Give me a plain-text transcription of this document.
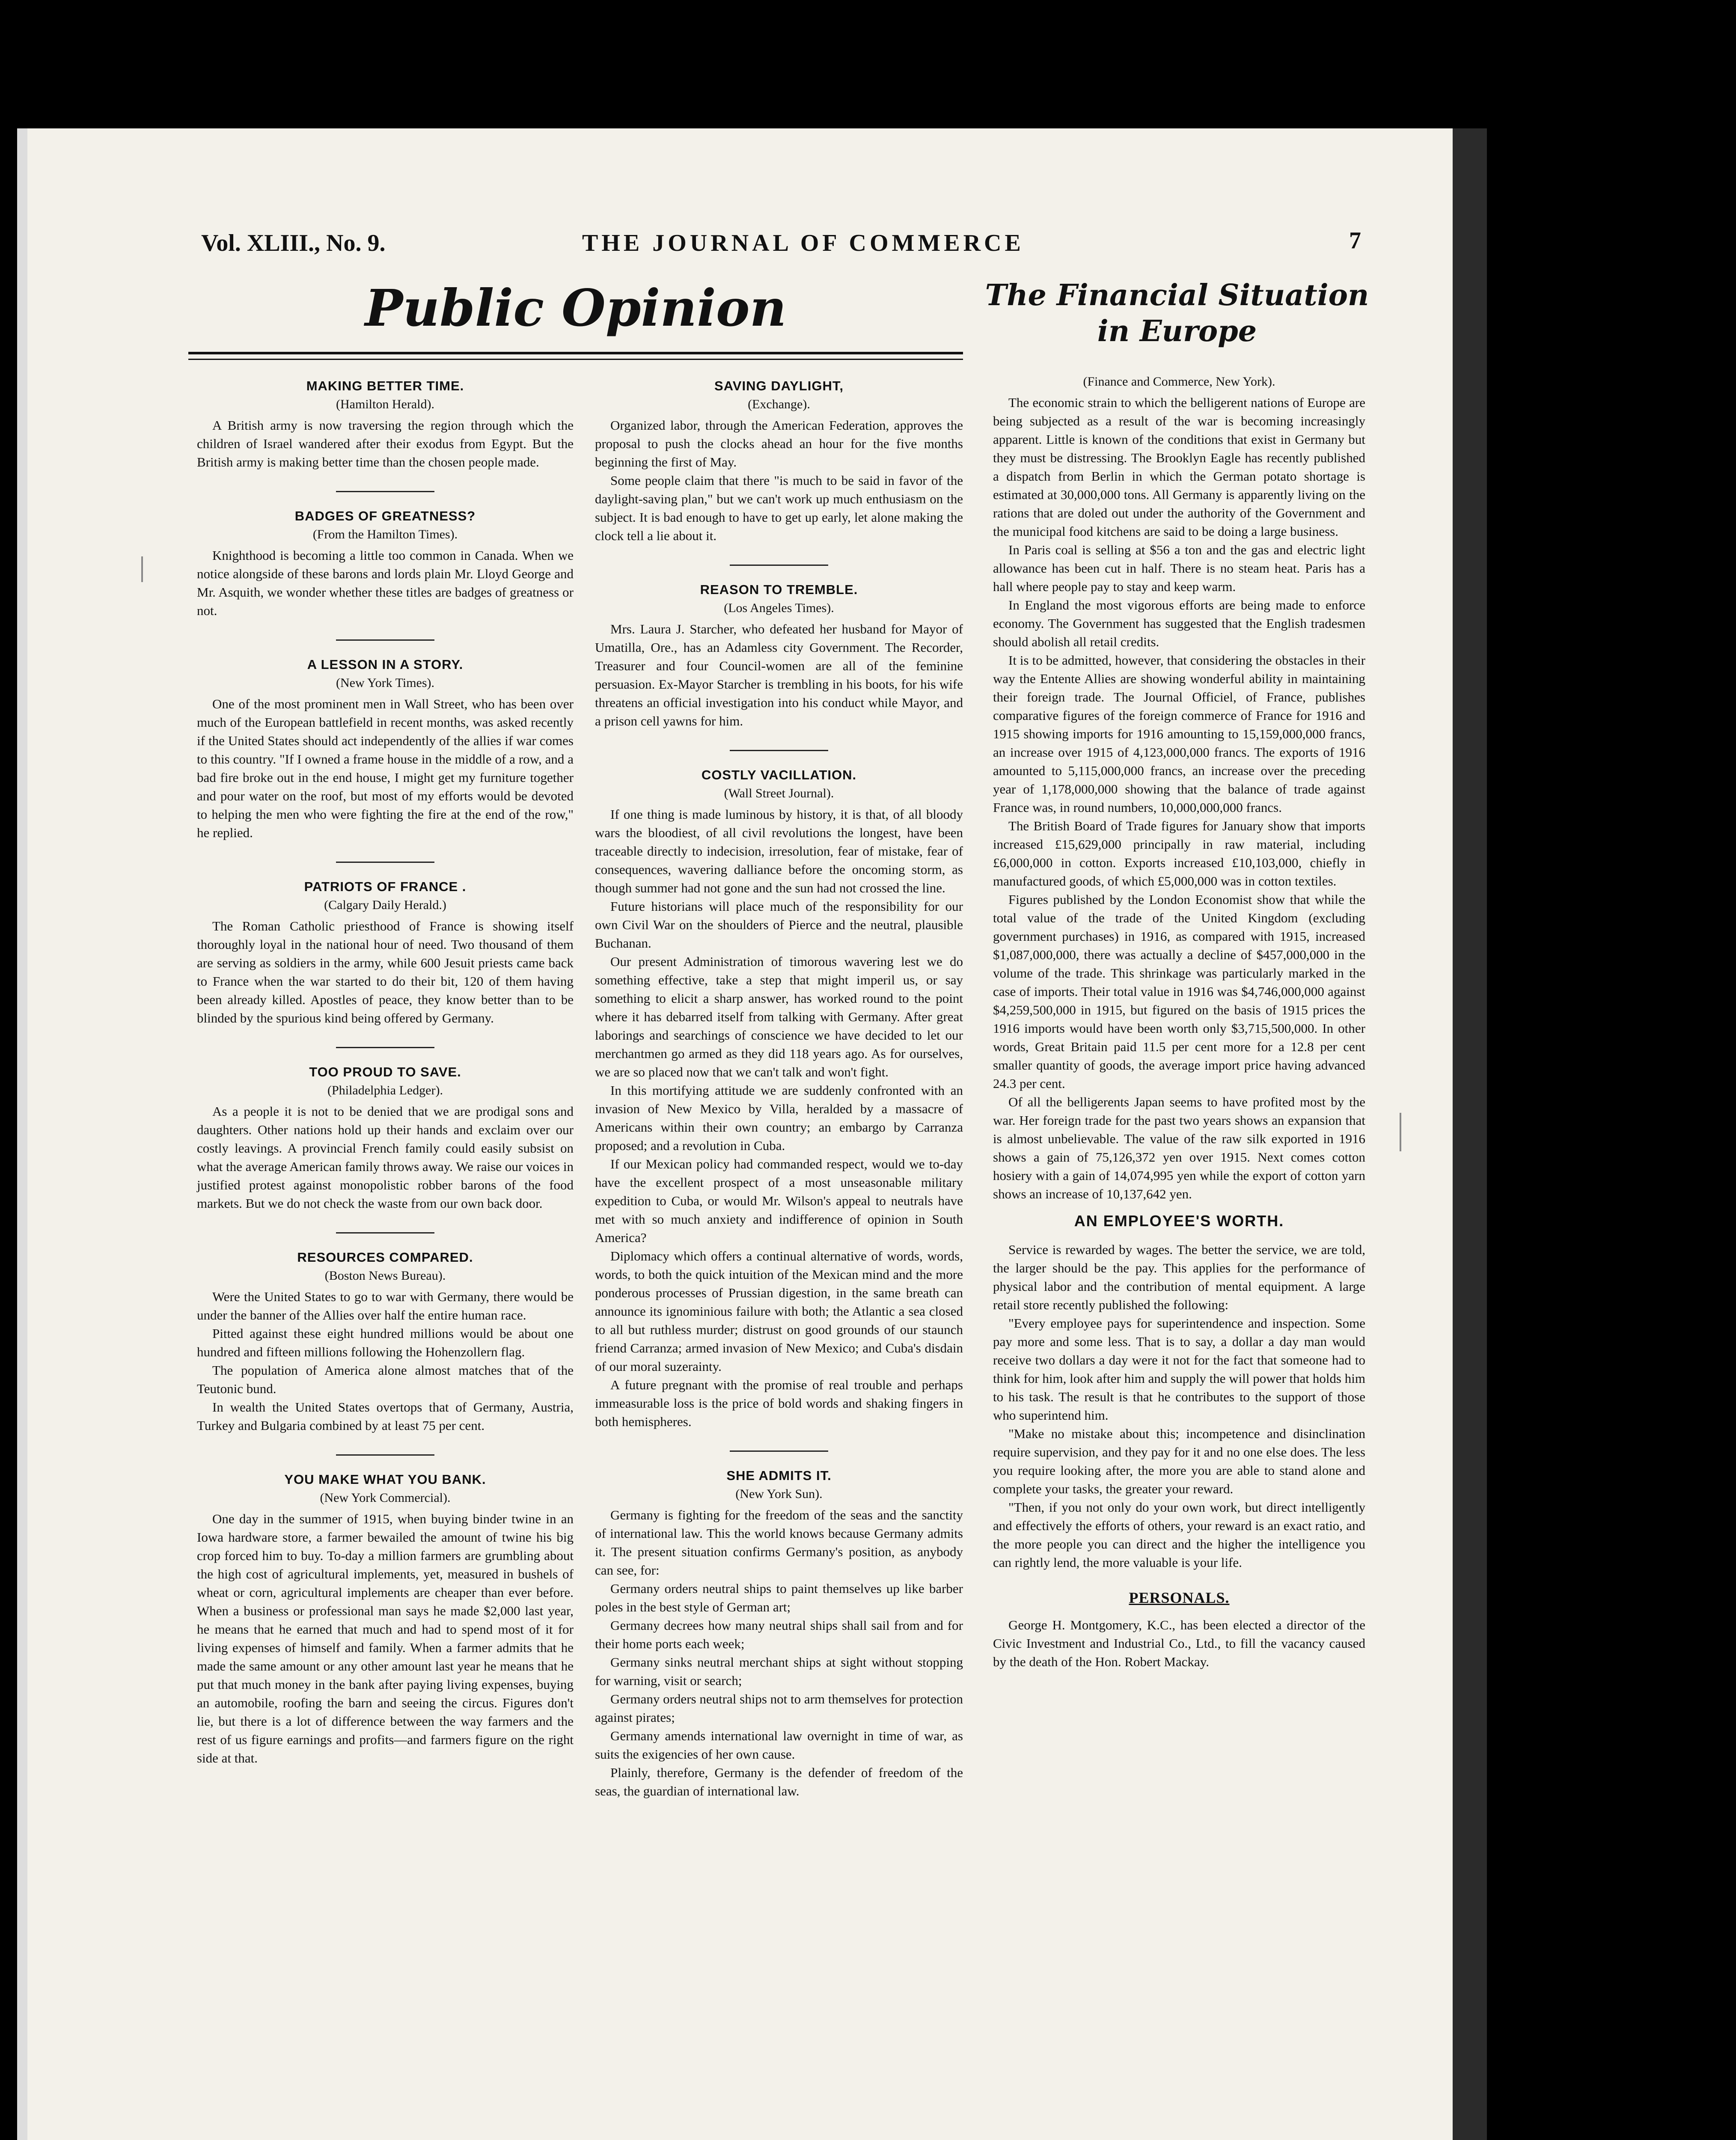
Vol. XLIII., No. 9.	THE JOURNAL OF COMMERCE	7
Public Opinion	The Financial Situation
in Europe
MAKING BETTER TIME.
(Hamilton Herald).

A British army is now traversing the region through which the children of Israel wandered after their exodus from Egypt. But the British army is making better time than the chosen people made.

BADGES OF GREATNESS?
(From the Hamilton Times).

Knighthood is becoming a little too common in Canada. When we notice alongside of these barons and lords plain Mr. Lloyd George and Mr. Asquith, we wonder whether these titles are badges of greatness or not.

A LESSON IN A STORY.
(New York Times).

One of the most prominent men in Wall Street, who has been over much of the European battlefield in recent months, was asked recently if the United States should act independently of the allies if war comes to this country. "If I owned a frame house in the middle of a row, and a bad fire broke out in the end house, I might get my furniture together and pour water on the roof, but most of my efforts would be devoted to helping the men who were fighting the fire at the end of the row," he replied.

PATRIOTS OF FRANCE .
(Calgary Daily Herald.)

The Roman Catholic priesthood of France is showing itself thoroughly loyal in the national hour of need. Two thousand of them are serving as soldiers in the army, while 600 Jesuit priests came back to France when the war started to do their bit, 120 of them having been already killed. Apostles of peace, they know better than to be blinded by the spurious kind being offered by Germany.

TOO PROUD TO SAVE.
(Philadelphia Ledger).

As a people it is not to be denied that we are prodigal sons and daughters. Other nations hold up their hands and exclaim over our costly leavings. A provincial French family could easily subsist on what the average American family throws away. We raise our voices in justified protest against monopolistic robber barons of the food markets. But we do not check the waste from our own back door.

RESOURCES COMPARED.
(Boston News Bureau).

Were the United States to go to war with Germany, there would be under the banner of the Allies over half the entire human race.

Pitted against these eight hundred millions would be about one hundred and fifteen millions following the Hohenzollern flag.

The population of America alone almost matches that of the Teutonic bund.

In wealth the United States overtops that of Germany, Austria, Turkey and Bulgaria combined by at least 75 per cent.

YOU MAKE WHAT YOU BANK.
(New York Commercial).

One day in the summer of 1915, when buying binder twine in an Iowa hardware store, a farmer bewailed the amount of twine his big crop forced him to buy. To-day a million farmers are grumbling about the high cost of agricultural implements, yet, measured in bushels of wheat or corn, agricultural implements are cheaper than ever before. When a business or professional man says he made $2,000 last year, he means that he earned that much and had to spend most of it for living expenses of himself and family. When a farmer admits that he made the same amount or any other amount last year he means that he put that much money in the bank after paying living expenses, buying an automobile, roofing the barn and seeing the circus. Figures don't lie, but there is a lot of difference between the way farmers and the rest of us figure earnings and profits—and farmers figure on the right side at that.

SAVING DAYLIGHT,
(Exchange).

Organized labor, through the American Federation, approves the proposal to push the clocks ahead an hour for the five months beginning the first of May.

Some people claim that there "is much to be said in favor of the daylight-saving plan," but we can't work up much enthusiasm on the subject. It is bad enough to have to get up early, let alone making the clock tell a lie about it.

REASON TO TREMBLE.
(Los Angeles Times).

Mrs. Laura J. Starcher, who defeated her husband for Mayor of Umatilla, Ore., has an Adamless city Government. The Recorder, Treasurer and four Council-women are all of the feminine persuasion. Ex-Mayor Starcher is trembling in his boots, for his wife threatens an official investigation into his conduct while Mayor, and a prison cell yawns for him.

COSTLY VACILLATION.
(Wall Street Journal).

If one thing is made luminous by history, it is that, of all bloody wars the bloodiest, of all civil revolutions the longest, have been traceable directly to indecision, irresolution, fear of mistake, fear of consequences, wavering dalliance before the oncoming storm, as though summer had not gone and the sun had not crossed the line.

Future historians will place much of the responsibility for our own Civil War on the shoulders of Pierce and the neutral, plausible Buchanan.

Our present Administration of timorous wavering lest we do something effective, take a step that might imperil us, or say something to elicit a sharp answer, has worked round to the point where it has debarred itself from talking with Germany. After great laborings and searchings of conscience we have decided to let our merchantmen go armed as they did 118 years ago. As for ourselves, we are so placed now that we can't talk and won't fight.

In this mortifying attitude we are suddenly confronted with an invasion of New Mexico by Villa, heralded by a massacre of Americans within their own country; an embargo by Carranza proposed; and a revolution in Cuba.

If our Mexican policy had commanded respect, would we to-day have the excellent prospect of a most unseasonable military expedition to Cuba, or would Mr. Wilson's appeal to neutrals have met with so much anxiety and indifference of opinion in South America?

Diplomacy which offers a continual alternative of words, words, words, to both the quick intuition of the Mexican mind and the more ponderous processes of Prussian digestion, in the same breath can announce its ignominious failure with both; the Atlantic a sea closed to all but ruthless murder; distrust on good grounds of our staunch friend Carranza; armed invasion of New Mexico; and Cuba's disdain of our moral suzerainty.

A future pregnant with the promise of real trouble and perhaps immeasurable loss is the price of bold words and shaking fingers in both hemispheres.

SHE ADMITS IT.
(New York Sun).

Germany is fighting for the freedom of the seas and the sanctity of international law. This the world knows because Germany admits it. The present situation confirms Germany's position, as anybody can see, for:

Germany orders neutral ships to paint themselves up like barber poles in the best style of German art;

Germany decrees how many neutral ships shall sail from and for their home ports each week;

Germany sinks neutral merchant ships at sight without stopping for warning, visit or search;

Germany orders neutral ships not to arm themselves for protection against pirates;

Germany amends international law overnight in time of war, as suits the exigencies of her own cause.

Plainly, therefore, Germany is the defender of freedom of the seas, the guardian of international law.

(Finance and Commerce, New York).

The economic strain to which the belligerent nations of Europe are being subjected as a result of the war is becoming increasingly apparent. Little is known of the conditions that exist in Germany but they must be distressing. The Brooklyn Eagle has recently published a dispatch from Berlin in which the German potato shortage is estimated at 30,000,000 tons. All Germany is apparently living on the rations that are doled out under the authority of the Government and the municipal food kitchens are said to be doing a large business.

In Paris coal is selling at $56 a ton and the gas and electric light allowance has been cut in half. There is no steam heat. Paris has a hall where people pay to stay and keep warm.

In England the most vigorous efforts are being made to enforce economy. The Government has suggested that the English tradesmen should abolish all retail credits.

It is to be admitted, however, that considering the obstacles in their way the Entente Allies are showing wonderful ability in maintaining their foreign trade. The Journal Officiel, of France, publishes comparative figures of the foreign commerce of France for 1916 and 1915 showing imports for 1916 amounting to 15,159,000,000 francs, an increase over 1915 of 4,123,000,000 francs. The exports of 1916 amounted to 5,115,000,000 francs, an increase over the preceding year of 1,178,000,000 showing that the balance of trade against France was, in round numbers, 10,000,000,000 francs.

The British Board of Trade figures for January show that imports increased £15,629,000 principally in raw material, including £6,000,000 in cotton. Exports increased £10,103,000, chiefly in manufactured goods, of which £5,000,000 was in cotton textiles.

Figures published by the London Economist show that while the total value of the trade of the United Kingdom (excluding government purchases) in 1916, as compared with 1915, increased $1,087,000,000, there was actually a decline of $457,000,000 in the volume of the trade. This shrinkage was particularly marked in the case of imports. Their total value in 1916 was $4,746,000,000 against $4,259,500,000 in 1915, but figured on the basis of 1915 prices the 1916 imports would have been worth only $3,715,500,000. In other words, Great Britain paid 11.5 per cent more for a 12.8 per cent smaller quantity of goods, the average import price having advanced 24.3 per cent.

Of all the belligerents Japan seems to have profited most by the war. Her foreign trade for the past two years shows an expansion that is almost unbelievable. The value of the raw silk exported in 1916 shows a gain of 75,126,372 yen over 1915. Next comes cotton hosiery with a gain of 14,074,995 yen while the export of cotton yarn shows an increase of 10,137,642 yen.

AN EMPLOYEE'S WORTH.

Service is rewarded by wages. The better the service, we are told, the larger should be the pay. This applies for the performance of physical labor and the contribution of mental equipment. A large retail store recently published the following:

"Every employee pays for superintendence and inspection. Some pay more and some less. That is to say, a dollar a day man would receive two dollars a day were it not for the fact that someone had to think for him, look after him and supply the will power that holds him to his task. The result is that he contributes to the support of those who superintend him.

"Make no mistake about this; incompetence and disinclination require supervision, and they pay for it and no one else does. The less you require looking after, the more you are able to stand alone and complete your tasks, the greater your reward.

"Then, if you not only do your own work, but direct intelligently and effectively the efforts of others, your reward is an exact ratio, and the more people you can direct and the higher the intelligence you can rightly lend, the more valuable is your life.

PERSONALS.

George H. Montgomery, K.C., has been elected a director of the Civic Investment and Industrial Co., Ltd., to fill the vacancy caused by the death of the Hon. Robert Mackay.
